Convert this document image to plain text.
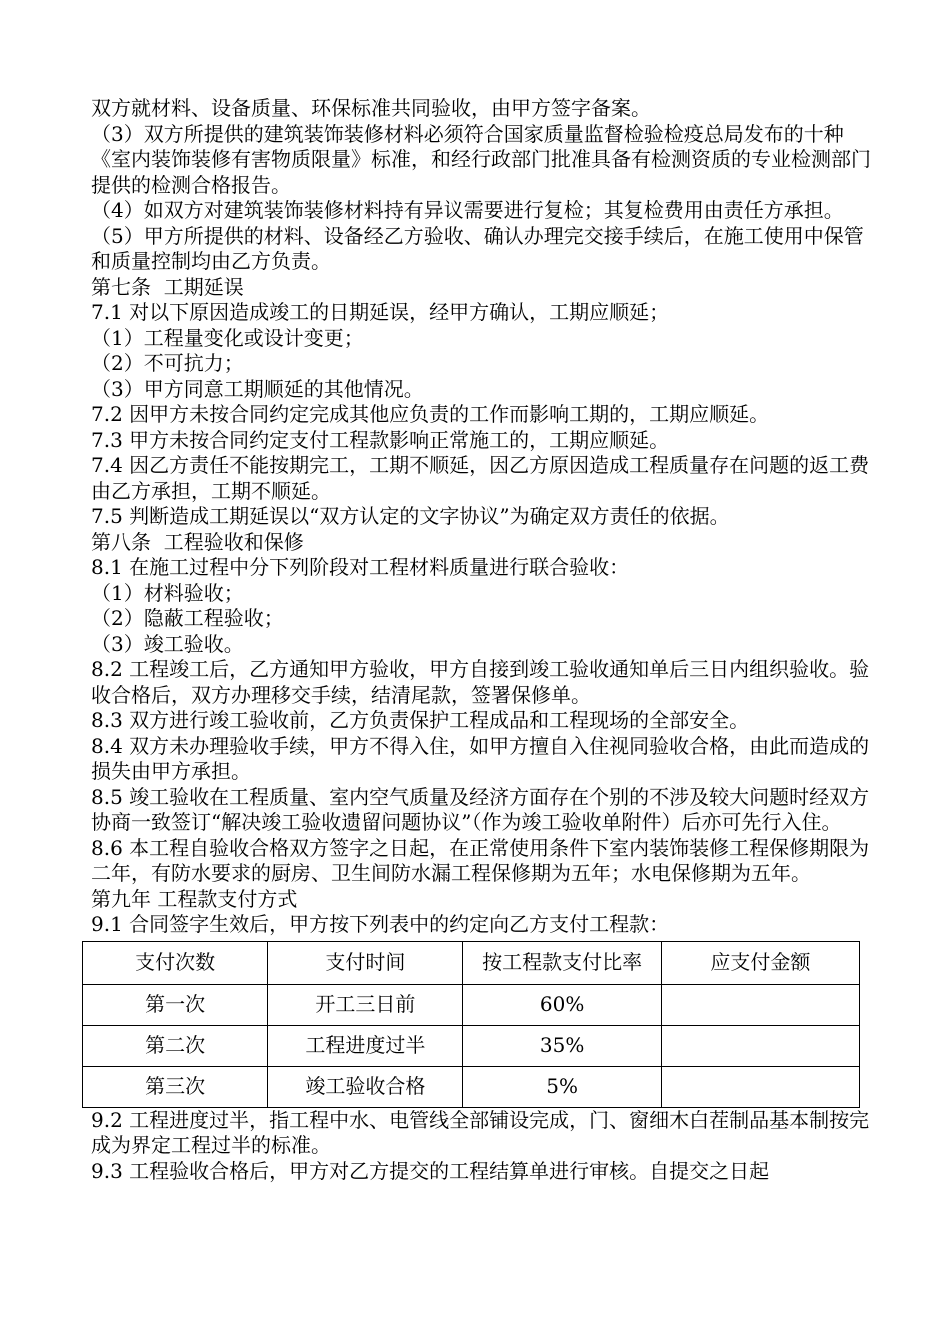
双方就材料、设备质量、环保标准共同验收，由甲方签字备案。

（3）双方所提供的建筑装饰装修材料必须符合国家质量监督检验检疫总局发布的十种《室内装饰装修有害物质限量》标准，和经行政部门批准具备有检测资质的专业检测部门提供的检测合格报告。

（4）如双方对建筑装饰装修材料持有异议需要进行复检；其复检费用由责任方承担。

（5）甲方所提供的材料、设备经乙方验收、确认办理完交接手续后，在施工使用中保管和质量控制均由乙方负责。

第七条  工期延误

7.1 对以下原因造成竣工的日期延误，经甲方确认，工期应顺延；

（1）工程量变化或设计变更；

（2）不可抗力；

（3）甲方同意工期顺延的其他情况。

7.2 因甲方未按合同约定完成其他应负责的工作而影响工期的，工期应顺延。

7.3 甲方未按合同约定支付工程款影响正常施工的，工期应顺延。

7.4 因乙方责任不能按期完工，工期不顺延，因乙方原因造成工程质量存在问题的返工费由乙方承担，工期不顺延。

7.5 判断造成工期延误以“双方认定的文字协议”为确定双方责任的依据。

第八条  工程验收和保修

8.1 在施工过程中分下列阶段对工程材料质量进行联合验收：

（1）材料验收；

（2）隐蔽工程验收；

（3）竣工验收。

8.2 工程竣工后，乙方通知甲方验收，甲方自接到竣工验收通知单后三日内组织验收。验收合格后，双方办理移交手续，结清尾款，签署保修单。

8.3 双方进行竣工验收前，乙方负责保护工程成品和工程现场的全部安全。

8.4 双方未办理验收手续，甲方不得入住，如甲方擅自入住视同验收合格，由此而造成的损失由甲方承担。

8.5 竣工验收在工程质量、室内空气质量及经济方面存在个别的不涉及较大问题时经双方协商一致签订“解决竣工验收遗留问题协议”（作为竣工验收单附件）后亦可先行入住。

8.6 本工程自验收合格双方签字之日起，在正常使用条件下室内装饰装修工程保修期限为二年，有防水要求的厨房、卫生间防水漏工程保修期为五年；水电保修期为五年。

第九年 工程款支付方式

9.1 合同签字生效后，甲方按下列表中的约定向乙方支付工程款：

支付次数	支付时间	按工程款支付比率	应支付金额
第一次	开工三日前	60%	
第二次	工程进度过半	35%	
第三次	竣工验收合格	5%	

9.2 工程进度过半，指工程中水、电管线全部铺设完成，门、窗细木白茬制品基本制按完成为界定工程过半的标准。

9.3 工程验收合格后，甲方对乙方提交的工程结算单进行审核。自提交之日起
